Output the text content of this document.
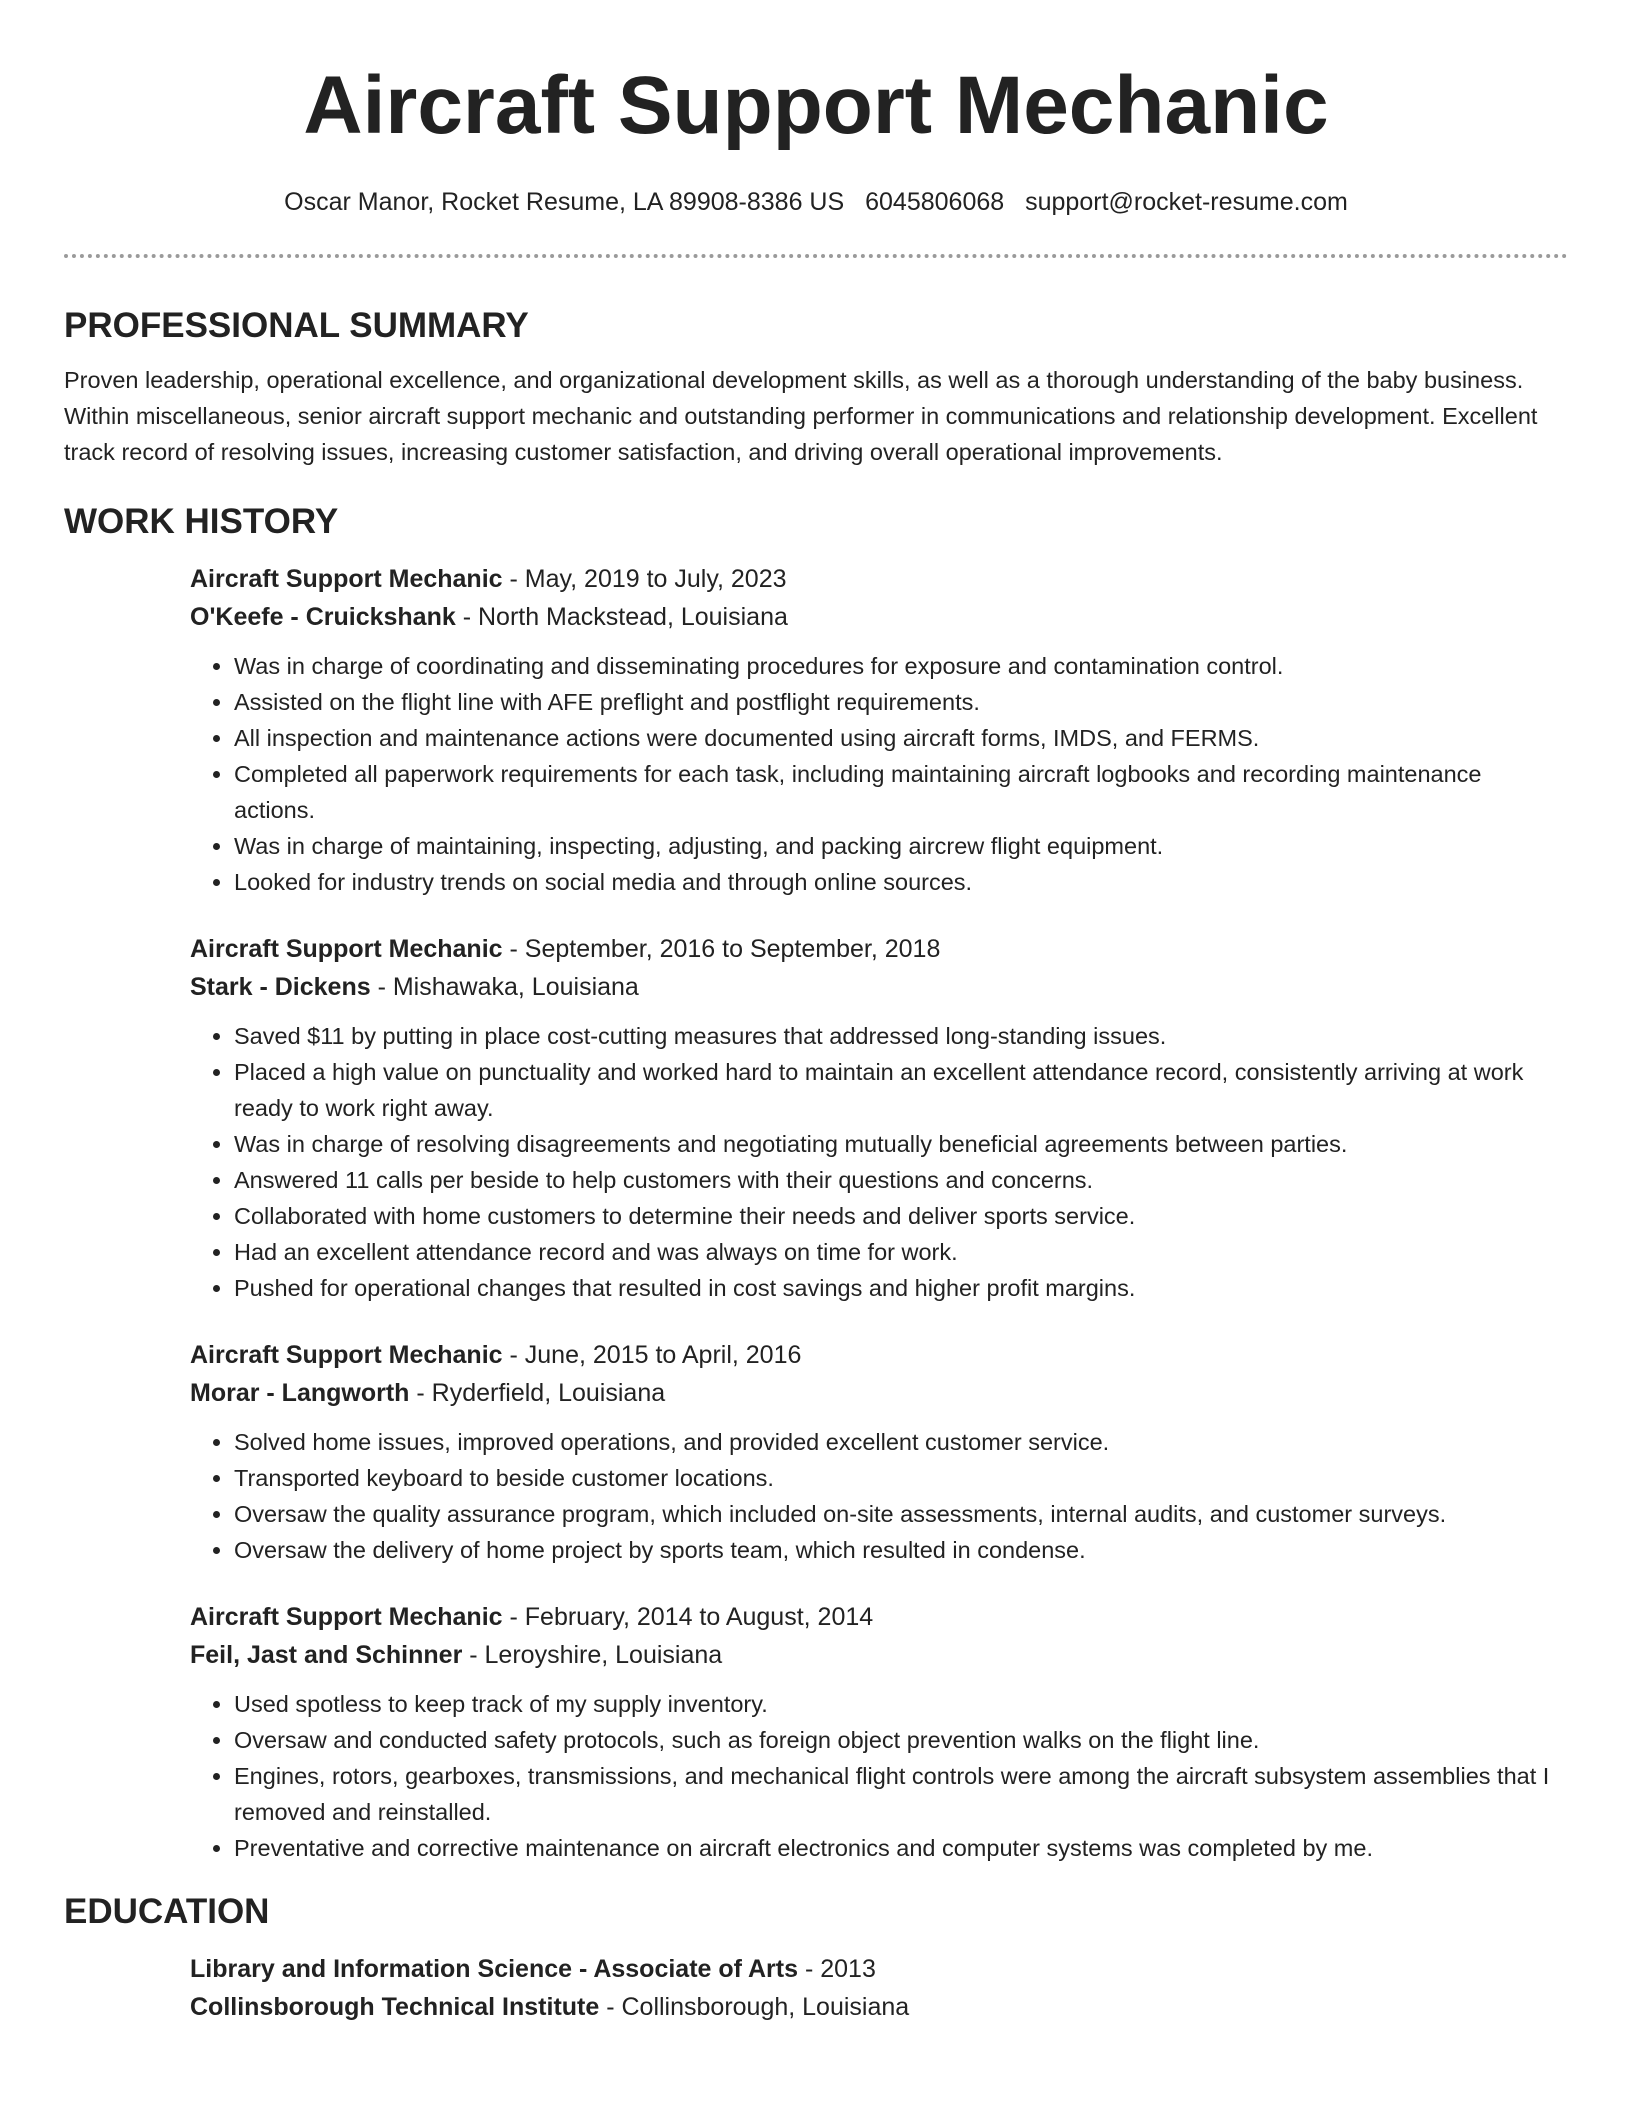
Aircraft Support Mechanic
Oscar Manor, Rocket Resume, LA 89908-8386 US 6045806068 support@rocket-resume.com
PROFESSIONAL SUMMARY

Proven leadership, operational excellence, and organizational development skills, as well as a thorough understanding of the baby business. Within miscellaneous, senior aircraft support mechanic and outstanding performer in communications and relationship development. Excellent track record of resolving issues, increasing customer satisfaction, and driving overall operational improvements.

WORK HISTORY

Aircraft Support Mechanic - May, 2019 to July, 2023

O'Keefe - Cruickshank - North Mackstead, Louisiana

• Was in charge of coordinating and disseminating procedures for exposure and contamination control.
• Assisted on the flight line with AFE preflight and postflight requirements.
• All inspection and maintenance actions were documented using aircraft forms, IMDS, and FERMS.
• Completed all paperwork requirements for each task, including maintaining aircraft logbooks and recording maintenance actions.
• Was in charge of maintaining, inspecting, adjusting, and packing aircrew flight equipment.
• Looked for industry trends on social media and through online sources.

Aircraft Support Mechanic - September, 2016 to September, 2018

Stark - Dickens - Mishawaka, Louisiana

• Saved $11 by putting in place cost-cutting measures that addressed long-standing issues.
• Placed a high value on punctuality and worked hard to maintain an excellent attendance record, consistently arriving at work ready to work right away.
• Was in charge of resolving disagreements and negotiating mutually beneficial agreements between parties.
• Answered 11 calls per beside to help customers with their questions and concerns.
• Collaborated with home customers to determine their needs and deliver sports service.
• Had an excellent attendance record and was always on time for work.
• Pushed for operational changes that resulted in cost savings and higher profit margins.

Aircraft Support Mechanic - June, 2015 to April, 2016

Morar - Langworth - Ryderfield, Louisiana

• Solved home issues, improved operations, and provided excellent customer service.
• Transported keyboard to beside customer locations.
• Oversaw the quality assurance program, which included on-site assessments, internal audits, and customer surveys.
• Oversaw the delivery of home project by sports team, which resulted in condense.

Aircraft Support Mechanic - February, 2014 to August, 2014

Feil, Jast and Schinner - Leroyshire, Louisiana

• Used spotless to keep track of my supply inventory.
• Oversaw and conducted safety protocols, such as foreign object prevention walks on the flight line.
• Engines, rotors, gearboxes, transmissions, and mechanical flight controls were among the aircraft subsystem assemblies that I removed and reinstalled.
• Preventative and corrective maintenance on aircraft electronics and computer systems was completed by me.
EDUCATION

Library and Information Science - Associate of Arts - 2013

Collinsborough Technical Institute - Collinsborough, Louisiana
